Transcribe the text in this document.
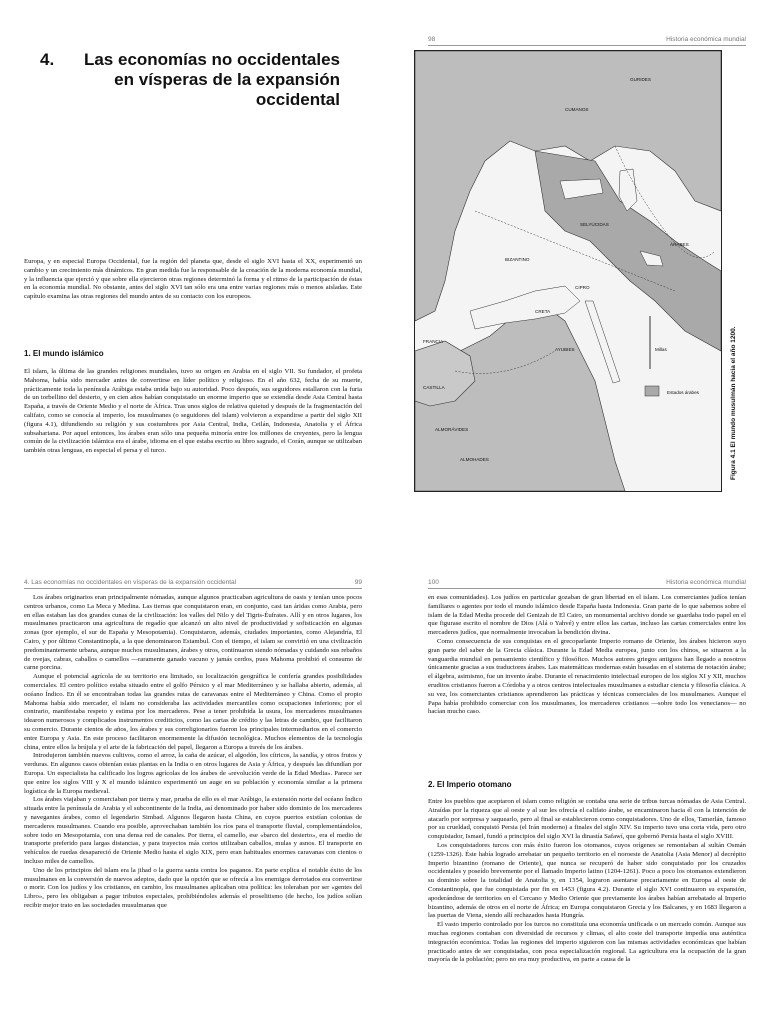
4.	Las economías no occidentales
en vísperas de la expansión
occidental

Europa, y en especial Europa Occidental, fue la región del planeta que, desde el siglo XVI hasta el XX, experimentó un cambio y un crecimiento más dinámicos. En gran medida fue la responsable de la creación de la moderna economía mundial, y la influencia que ejerció y que sobre ella ejercieron otras regiones determinó la forma y el ritmo de la participación de éstas en la economía mundial. No obstante, antes del siglo XVI tan sólo era una entre varias regiones más o menos aisladas. Este capítulo examina las otras regiones del mundo antes de su contacto con los europeos.

1. El mundo islámico

El islam, la última de las grandes religiones mundiales, tuvo su origen en Arabia en el siglo VII. Su fundador, el profeta Mahoma, había sido mercader antes de convertirse en líder político y religioso. En el año 632, fecha de su muerte, prácticamente toda la península Arábiga estaba unida bajo su autoridad. Poco después, sus seguidores estallaron con la furia de un torbellino del desierto, y en cien años habían conquistado un enorme imperio que se extendía desde Asia Central hasta España, a través de Oriente Medio y el norte de África. Tras unos siglos de relativa quietud y después de la fragmentación del califato, como se conocía al imperio, los musulmanes (o seguidores del islam) volvieron a expandirse a partir del siglo XII (figura 4.1), difundiendo su religión y sus costumbres por Asia Central, India, Ceilán, Indonesia, Anatolia y el África subsahariana. Por aquel entonces, los árabes eran sólo una pequeña minoría entre los millones de creyentes, pero la lengua común de la civilización islámica era el árabe, idioma en el que estaba escrito su libro sagrado, el Corán, aunque se utilizaban también otras lenguas, en especial el persa y el turco.

98	Historia económica mundial
Estados árabes
Millas
FRANCIA
CASTILLA
ALMORÁVIDES
ALMOHADES
AYUBIES
ÁRABES
BIZANTINO
SELYÚCIDAS
CUMANOS
GURIDES
CIPRO
CRETA
Figura 4.1 El mundo musulmán hacia el año 1200.
4. Las economías no occidentales en vísperas de la expansión occidental	99

Los árabes originarios eran principalmente nómadas, aunque algunos practicaban agricultura de oasis y tenían unos pocos centros urbanos, como La Meca y Medina. Las tierras que conquistaron eran, en conjunto, casi tan áridas como Arabia, pero en ellas estaban las dos grandes cunas de la civilización: los valles del Nilo y del Tigris-Éufrates. Allí y en otros lugares, los musulmanes practicaron una agricultura de regadío que alcanzó un alto nivel de productividad y sofisticación en algunas zonas (por ejemplo, el sur de España y Mesopotamia). Conquistaron, además, ciudades importantes, como Alejandría, El Cairo, y por último Constantinopla, a la que denominaron Estambul. Con el tiempo, el islam se convirtió en una civilización predominantemente urbana, aunque muchos musulmanes, árabes y otros, continuaron siendo nómadas y cuidando sus rebaños de ovejas, cabras, caballos o camellos —raramente ganado vacuno y jamás cerdos, pues Mahoma prohibió el consumo de carne porcina.

Aunque el potencial agrícola de su territorio era limitado, su localización geográfica le confería grandes posibilidades comerciales. El centro político estaba situado entre el golfo Pérsico y el mar Mediterráneo y se hallaba abierto, además, al océano Índico. En él se encontraban todas las grandes rutas de caravanas entre el Mediterráneo y China. Como el propio Mahoma había sido mercader, el islam no consideraba las actividades mercantiles como ocupaciones inferiores; por el contrario, manifestaba respeto y estima por los mercaderes. Pese a tener prohibida la usura, los mercaderes musulmanes idearon numerosos y complicados instrumentos crediticios, como las cartas de crédito y las letras de cambio, que facilitaron su comercio. Durante cientos de años, los árabes y sus correligionarios fueron los principales intermediarios en el comercio entre Europa y Asia. En este proceso facilitaron enormemente la difusión tecnológica. Muchos elementos de la tecnología china, entre ellos la brújula y el arte de la fabricación del papel, llegaron a Europa a través de los árabes.

Introdujeron también nuevos cultivos, como el arroz, la caña de azúcar, el algodón, los cítricos, la sandía, y otros frutos y verduras. En algunos casos obtenían estas plantas en la India o en otros lugares de Asia y África, y después las difundían por Europa. Un especialista ha calificado los logros agrícolas de los árabes de «revolución verde de la Edad Media». Parece ser que entre los siglos VIII y X el mundo islámico experimentó un auge en su población y economía similar a la primera logística de la Europa medieval.

Los árabes viajaban y comerciaban por tierra y mar, prueba de ello es el mar Arábigo, la extensión norte del océano Índico situada entre la península de Arabia y el subcontinente de la India, así denominado por haber sido dominio de los mercaderes y navegantes árabes, como el legendario Simbad. Algunos llegaron hasta China, en cuyos puertos existían colonias de mercaderes musulmanes. Cuando era posible, aprovechaban también los ríos para el transporte fluvial, complementándolos, sobre todo en Mesopotamia, con una densa red de canales. Por tierra, el camello, ese «barco del desierto», era el medio de transporte preferido para largas distancias, y para trayectos más cortos utilizaban caballos, mulas y asnos. El transporte en vehículos de ruedas desapareció de Oriente Medio hasta el siglo XIX, pero eran habituales enormes caravanas con cientos o incluso miles de camellos.

Uno de los principios del islam era la jihad o la guerra santa contra los paganos. En parte explica el notable éxito de los musulmanes en la conversión de nuevos adeptos, dado que la opción que se ofrecía a los enemigos derrotados era convertirse o morir. Con los judíos y los cristianos, en cambio, los musulmanes aplicaban otra política: les toleraban por ser «gentes del Libro», pero les obligaban a pagar tributos especiales, prohibiéndoles además el proselitismo (de hecho, los judíos solían recibir mejor trato en las sociedades musulmanas que

100	Historia económica mundial

en esas comunidades). Los judíos en particular gozaban de gran libertad en el islam. Los comerciantes judíos tenían familiares o agentes por todo el mundo islámico desde España hasta Indonesia. Gran parte de lo que sabemos sobre el islam de la Edad Media procede del Genizah de El Cairo, un monumental archivo donde se guardaba todo papel en el que figurase escrito el nombre de Dios (Alá o Yahvé) y entre ellos las cartas, incluso las cartas comerciales entre los mercaderes judíos, que normalmente invocaban la bendición divina.

Como consecuencia de sus conquistas en el grecoparlante Imperio romano de Oriente, los árabes hicieron suyo gran parte del saber de la Grecia clásica. Durante la Edad Media europea, junto con los chinos, se situaron a la vanguardia mundial en pensamiento científico y filosófico. Muchos autores griegos antiguos han llegado a nosotros únicamente gracias a sus traductores árabes. Las matemáticas modernas están basadas en el sistema de notación árabe; el álgebra, asimismo, fue un invento árabe. Durante el renacimiento intelectual europeo de los siglos XI y XII, muchos eruditos cristianos fueron a Córdoba y a otros centros intelectuales musulmanes a estudiar ciencia y filosofía clásica. A su vez, los comerciantes cristianos aprendieron las prácticas y técnicas comerciales de los musulmanes. Aunque el Papa había prohibido comerciar con los musulmanes, los mercaderes cristianos —sobre todo los venecianos— no hacían mucho caso.

2. El Imperio otomano

Entre los pueblos que aceptaron el islam como religión se contaba una serie de tribus turcas nómadas de Asia Central. Atraídas por la riqueza que al oeste y al sur les ofrecía el califato árabe, se encaminaron hacia él con la intención de atacarlo por sorpresa y saquearlo, pero al final se establecieron como conquistadores. Uno de ellos, Tamerlán, famoso por su crueldad, conquistó Persia (el Irán moderno) a finales del siglo XIV. Su imperio tuvo una corta vida, pero otro conquistador, Ismael, fundó a principios del siglo XVI la dinastía Safawí, que gobernó Persia hasta el siglo XVIII.

Los conquistadores turcos con más éxito fueron los otomanos, cuyos orígenes se remontaban al sultán Osmán (1259-1326). Éste había logrado arrebatar un pequeño territorio en el noroeste de Anatolia (Asia Menor) al decrépito Imperio bizantino (romano de Oriente), que nunca se recuperó de haber sido conquistado por los cruzados occidentales y poseído brevemente por el llamado Imperio latino (1204-1261). Poco a poco los otomanos extendieron su dominio sobre la totalidad de Anatolia y, en 1354, lograron asentarse precariamente en Europa al oeste de Constantinopla, que fue conquistada por fin en 1453 (figura 4.2). Durante el siglo XVI continuaron su expansión, apoderándose de territorios en el Cercano y Medio Oriente que previamente los árabes habían arrebatado al Imperio bizantino, además de otros en el norte de África; en Europa conquistaron Grecia y los Balcanes, y en 1683 llegaron a las puertas de Viena, siendo allí rechazados hasta Hungría.

El vasto imperio controlado por los turcos no constituía una economía unificada o un mercado común. Aunque sus muchas regiones contaban con diversidad de recursos y climas, el alto coste del transporte impedía una auténtica integración económica. Todas las regiones del imperio siguieron con las mismas actividades económicas que habían practicado antes de ser conquistadas, con poca especialización regional. La agricultura era la ocupación de la gran mayoría de la población; pero no era muy productiva, en parte a causa de la
